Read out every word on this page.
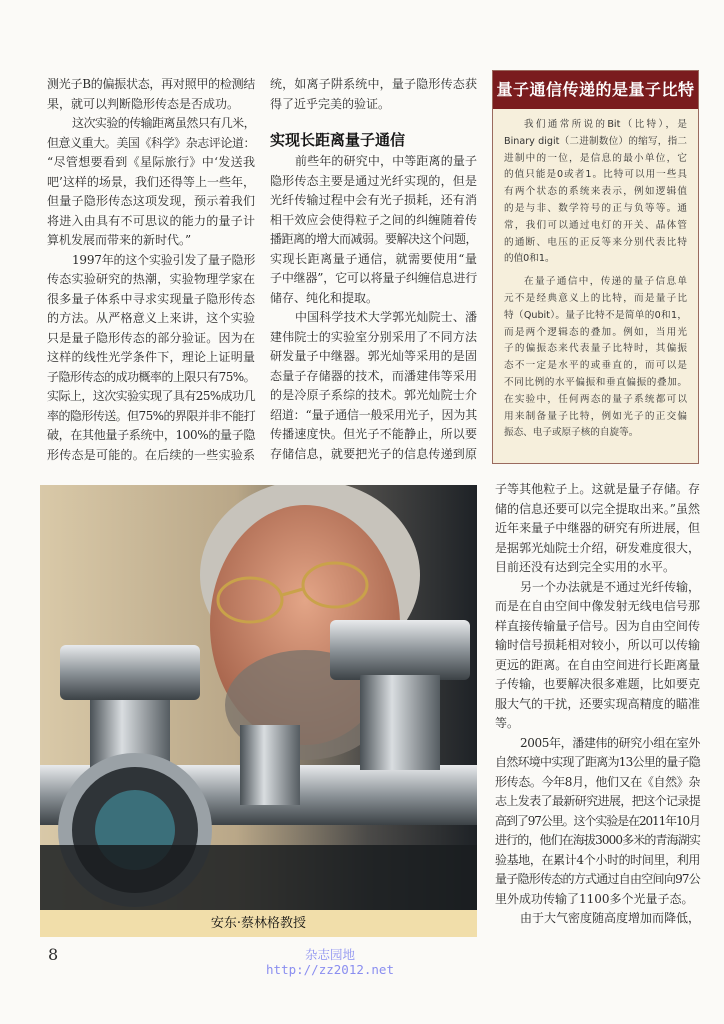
测光子B的偏振状态，再对照甲的检测结
果，就可以判断隐形传态是否成功。
这次实验的传输距离虽然只有几米，
但意义重大。美国《科学》杂志评论道：
“尽管想要看到《星际旅行》中‘发送我
吧’这样的场景，我们还得等上一些年，
但量子隐形传态这项发现，预示着我们
将进入由具有不可思议的能力的量子计
算机发展而带来的新时代。”
1997年的这个实验引发了量子隐形
传态实验研究的热潮，实验物理学家在
很多量子体系中寻求实现量子隐形传态
的方法。从严格意义上来讲，这个实验
只是量子隐形传态的部分验证。因为在
这样的线性光学条件下，理论上证明量
子隐形传态的成功概率的上限只有75%。
实际上，这次实验实现了具有25%成功几
率的隐形传送。但75%的界限并非不能打
破，在其他量子系统中，100%的量子隐
形传态是可能的。在后续的一些实验系
统，如离子阱系统中，量子隐形传态获
得了近乎完美的验证。
实现长距离量子通信
前些年的研究中，中等距离的量子
隐形传态主要是通过光纤实现的，但是
光纤传输过程中会有光子损耗，还有消
相干效应会使得粒子之间的纠缠随着传
播距离的增大而减弱。要解决这个问题，
实现长距离量子通信，就需要使用“量
子中继器”，它可以将量子纠缠信息进行
储存、纯化和提取。
中国科学技术大学郭光灿院士、潘
建伟院士的实验室分别采用了不同方法
研发量子中继器。郭光灿等采用的是固
态量子存储器的技术，而潘建伟等采用
的是冷原子系综的技术。郭光灿院士介
绍道：“量子通信一般采用光子，因为其
传播速度快。但光子不能静止，所以要
存储信息，就要把光子的信息传递到原
量子通信传递的是量子比特
我们通常所说的Bit（比特），是
Binary digit（二进制数位）的缩写，指二
进制中的一位，是信息的最小单位，它
的值只能是0或者1。比特可以用一些具
有两个状态的系统来表示，例如逻辑值
的是与非、数学符号的正与负等等。通
常，我们可以通过电灯的开关、晶体管
的通断、电压的正反等来分别代表比特
的值0和1。
在量子通信中，传递的量子信息单
元不是经典意义上的比特，而是量子比
特（Qubit）。量子比特不是简单的0和1，
而是两个逻辑态的叠加。例如，当用光
子的偏振态来代表量子比特时，其偏振
态不一定是水平的或垂直的，而可以是
不同比例的水平偏振和垂直偏振的叠加。
在实验中，任何两态的量子系统都可以
用来制备量子比特，例如光子的正交偏
振态、电子或原子核的自旋等。
子等其他粒子上。这就是量子存储。存
储的信息还要可以完全提取出来。”虽然
近年来量子中继器的研究有所进展，但
是据郭光灿院士介绍，研发难度很大，
目前还没有达到完全实用的水平。
另一个办法就是不通过光纤传输，
而是在自由空间中像发射无线电信号那
样直接传输量子信号。因为自由空间传
输时信号损耗相对较小，所以可以传输
更远的距离。在自由空间进行长距离量
子传输，也要解决很多难题，比如要克
服大气的干扰，还要实现高精度的瞄准
等。
2005年，潘建伟的研究小组在室外
自然环境中实现了距离为13公里的量子隐
形传态。今年8月，他们又在《自然》杂
志上发表了最新研究进展，把这个记录提
高到了97公里。这个实验是在2011年10月
进行的，他们在海拔3000多米的青海湖实
验基地，在累计4个小时的时间里，利用
量子隐形传态的方式通过自由空间向97公
里外成功传输了1100多个光量子态。
由于大气密度随高度增加而降低，
安东·蔡林格教授
8	杂志园地
http://zz2012.net
